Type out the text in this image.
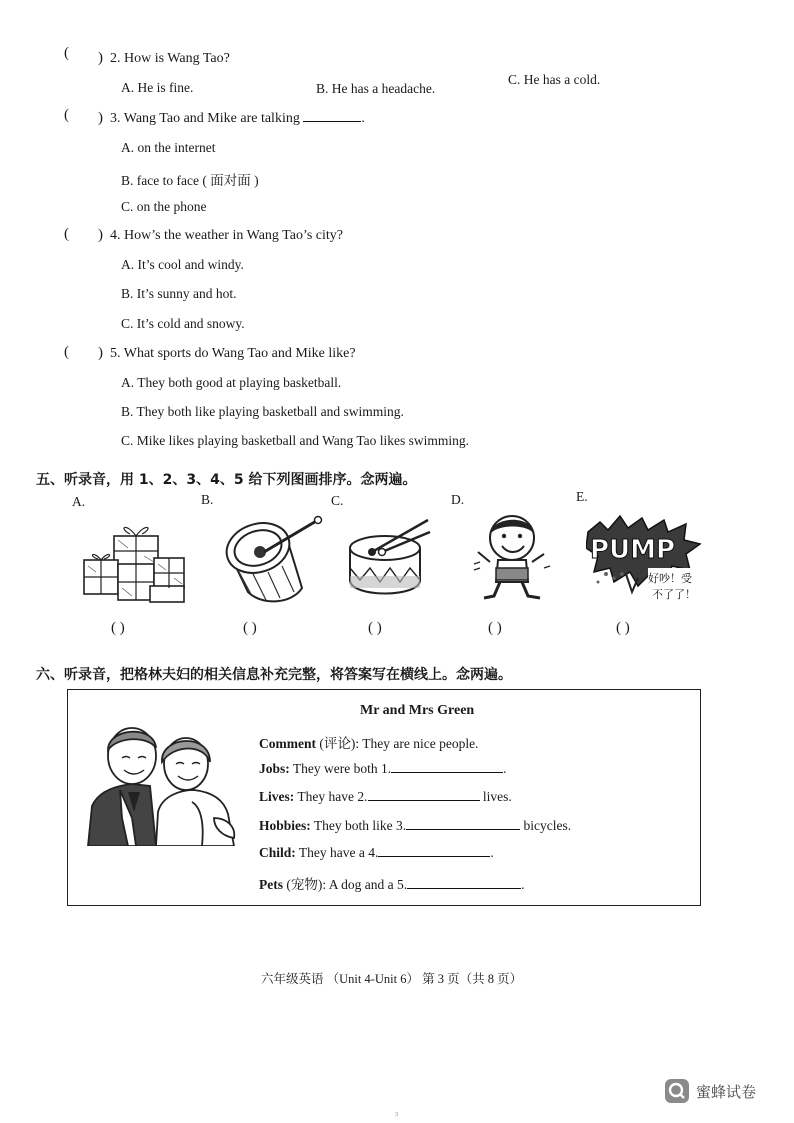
( ) 2. How is Wang Tao?
A. He is fine.	B. He has a headache.
C. He has a cold.
( ) 3. Wang Tao and Mike are talking	.
A. on the internet
B. face to face ( 面对面 )
C. on the phone
( ) 4. How’s the weather in Wang Tao’s city?
A. It’s cool and windy.
B. It’s sunny and hot.
C. It’s cold and snowy.
( ) 5. What sports do Wang Tao and Mike like?
A. They both good at playing basketball.
B. They both like playing basketball and swimming.
C. Mike likes playing basketball and Wang Tao likes swimming.
五、听录音，用 1、2、3、4、5 给下列图画排序。念两遍。
A.	B.	C.	D.	E.
PUMP
好吵！受
不了了！
( )	( )	( )	( )	( )
六、听录音，把格林夫妇的相关信息补充完整，将答案写在横线上。念两遍。
Mr and Mrs Green
Comment (评论): They are nice people.
Jobs: They were both 1.	.
Lives: They have 2.	lives.
Hobbies: They both like 3.	bicycles.
Child: They have a 4.	.
Pets (宠物): A dog and a 5.	.
六年级英语 （Unit 4-Unit 6） 第 3 页（共 8 页）
蜜蜂试卷
3
